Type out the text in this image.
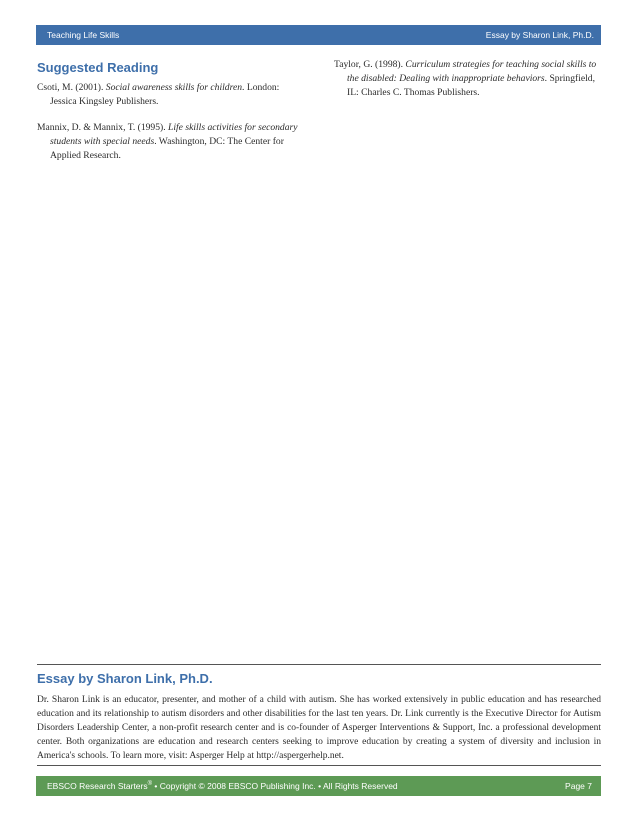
Teaching Life Skills	Essay by Sharon Link, Ph.D.
Suggested Reading

Csoti, M. (2001). Social awareness skills for children. London: Jessica Kingsley Publishers.

Mannix, D. & Mannix, T. (1995). Life skills activities for secondary students with special needs. Washington, DC: The Center for Applied Research.

Taylor, G. (1998). Curriculum strategies for teaching social skills to the disabled: Dealing with inappropriate behaviors. Springfield, IL: Charles C. Thomas Publishers.

Essay by Sharon Link, Ph.D.
Dr. Sharon Link is an educator, presenter, and mother of a child with autism. She has worked extensively in public education and has researched education and its relationship to autism disorders and other disabilities for the last ten years. Dr. Link currently is the Executive Director for Autism Disorders Leadership Center, a non-profit research center and is co-founder of Asperger Interventions & Support, Inc. a professional development center. Both organizations are education and research centers seeking to improve education by creating a system of diversity and inclusion in America's schools. To learn more, visit: Asperger Help at http://aspergerhelp.net.
EBSCO Research Starters® • Copyright © 2008 EBSCO Publishing Inc. • All Rights Reserved	Page 7
